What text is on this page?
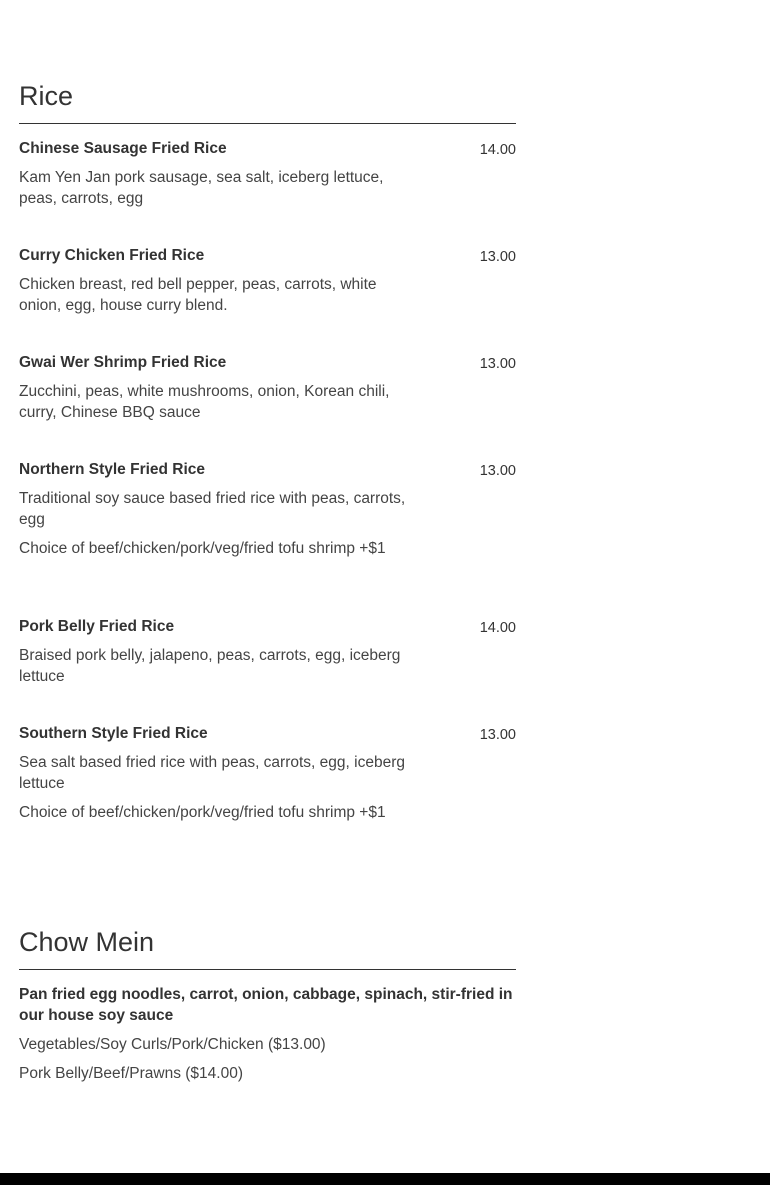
Rice
Chinese Sausage Fried Rice	14.00
Kam Yen Jan pork sausage, sea salt, iceberg lettuce, peas, carrots, egg
Curry Chicken Fried Rice	13.00
Chicken breast, red bell pepper, peas, carrots, white onion, egg, house curry blend.
Gwai Wer Shrimp Fried Rice	13.00
Zucchini, peas, white mushrooms, onion, Korean chili, curry, Chinese BBQ sauce
Northern Style Fried Rice	13.00
Traditional soy sauce based fried rice with peas, carrots, egg
Choice of beef/chicken/pork/veg/fried tofu shrimp +$1
Pork Belly Fried Rice	14.00
Braised pork belly, jalapeno, peas, carrots, egg, iceberg lettuce
Southern Style Fried Rice	13.00
Sea salt based fried rice with peas, carrots, egg, iceberg lettuce
Choice of beef/chicken/pork/veg/fried tofu shrimp +$1
Chow Mein
Pan fried egg noodles, carrot, onion, cabbage, spinach, stir-fried in our house soy sauce
Vegetables/Soy Curls/Pork/Chicken ($13.00)
Pork Belly/Beef/Prawns ($14.00)
